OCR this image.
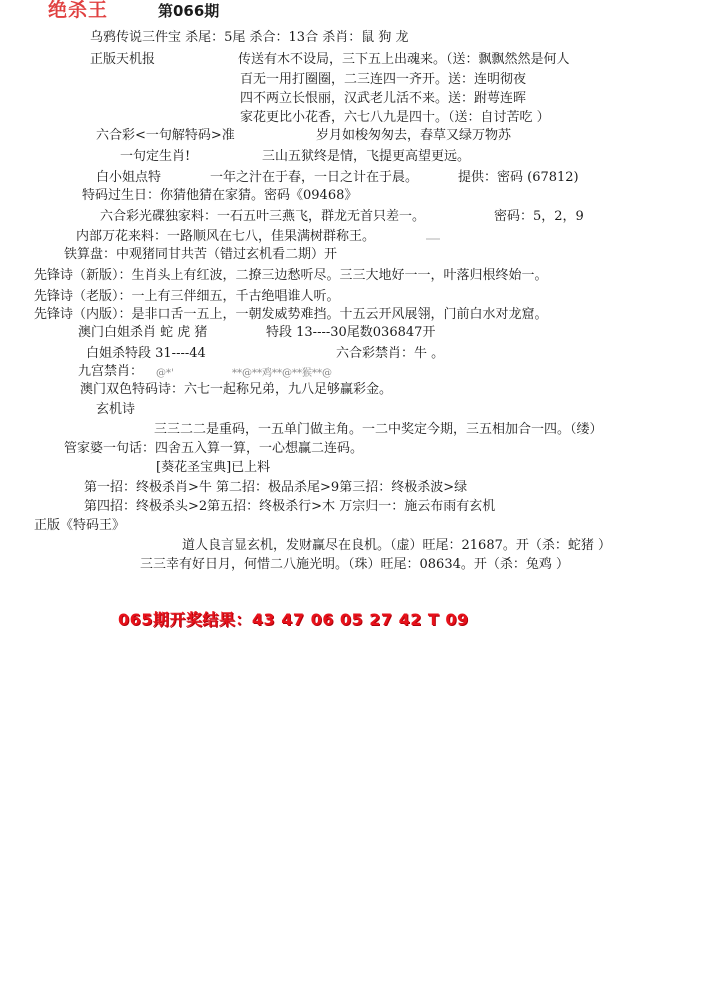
绝杀王	第066期
乌鸦传说三件宝 杀尾：5尾 杀合：13合 杀肖：鼠 狗 龙
正版天机报	传送有木不设局，三下五上出魂来。（送：飘飘然然是何人
百无一用打圈圈，二三连四一齐开。送：连明彻夜
四不两立长恨丽，汉武老儿活不来。送：跗萼连晖
家花更比小花香，六七八九是四十。（送：自讨苦吃 ）
六合彩<一句解特码>准	岁月如梭匆匆去，春草又绿万物苏
一句定生肖!	三山五狱终是情，飞提更高望更远。
白小姐点特	一年之汁在于春，一日之计在于晨。	提供：密码 (67812)
特码过生日：你猜他猜在家猜。密码《09468》
六合彩光碟独家料：一石五叶三燕飞，群龙无首只差一。	密码：5，2，9
内部万花来料：一路顺风在七八，佳果满树群称王。
铁算盘：中观猪同甘共苦（错过玄机看二期）开
先锋诗（新版）：生肖头上有红波，二撩三边愁听尽。三三大地好一一，叶落归根终始一。
先锋诗（老版）：一上有三伴细五，千古绝唱谁人听。
先锋诗（内版）：是非口舌一五上，一朝发威势难挡。十五云开风展翎，门前白水对龙窟。
澳门白姐杀肖 蛇 虎 猪	特段 13----30尾数036847开
白姐杀特段 31----44	六合彩禁肖：牛 。
九宫禁肖： @*'	**@**鸡**@**猴**@
澳门双色特码诗：六七一起称兄弟，九八足够赢彩金。
玄机诗
三三二二是重码，一五单门做主角。一二中奖定今期，三五相加合一四。（缕）
管家婆一句话：四舍五入算一算，一心想赢二连码。
[葵花圣宝典]已上料
第一招：终极杀肖>牛 第二招：极品杀尾>9第三招：终极杀波>绿
第四招：终极杀头>2第五招：终极杀行>木 万宗归一：施云布雨有玄机
正版《特码王》
道人良言显玄机，发财赢尽在良机。（虚）旺尾：21687。开（杀：蛇猪 ）
三三幸有好日月，何惜二八施光明。（珠）旺尾：08634。开（杀：兔鸡 ）
065期开奖结果：43 47 06 05 27 42 T 09
